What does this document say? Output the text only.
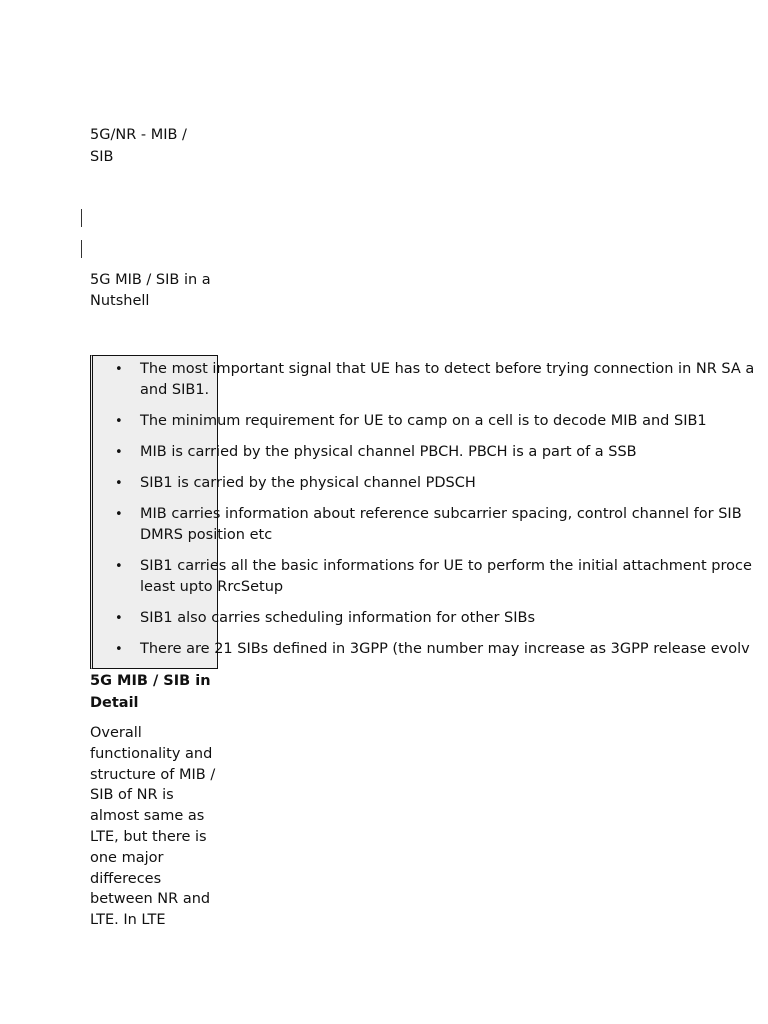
5G/NR - MIB / SIB
5G MIB / SIB in a Nutshell
• The most important signal that UE has to detect before trying connection in NR SA a
and SIB1.
• The minimum requirement for UE to camp on a cell is to decode MIB and SIB1
• MIB is carried by the physical channel PBCH. PBCH is a part of a SSB
• SIB1 is carried by the physical channel PDSCH
• MIB carries information about reference subcarrier spacing, control channel for SIB
DMRS position etc
• SIB1 carries all the basic informations for UE to perform the initial attachment proce
least upto RrcSetup
• SIB1 also carries scheduling information for other SIBs
• There are 21 SIBs defined in 3GPP (the number may increase as 3GPP release evolv
5G MIB / SIB in Detail
Overall functionality and structure of MIB / SIB of NR is almost same as LTE, but there is one major differeces between NR and LTE. In LTE
